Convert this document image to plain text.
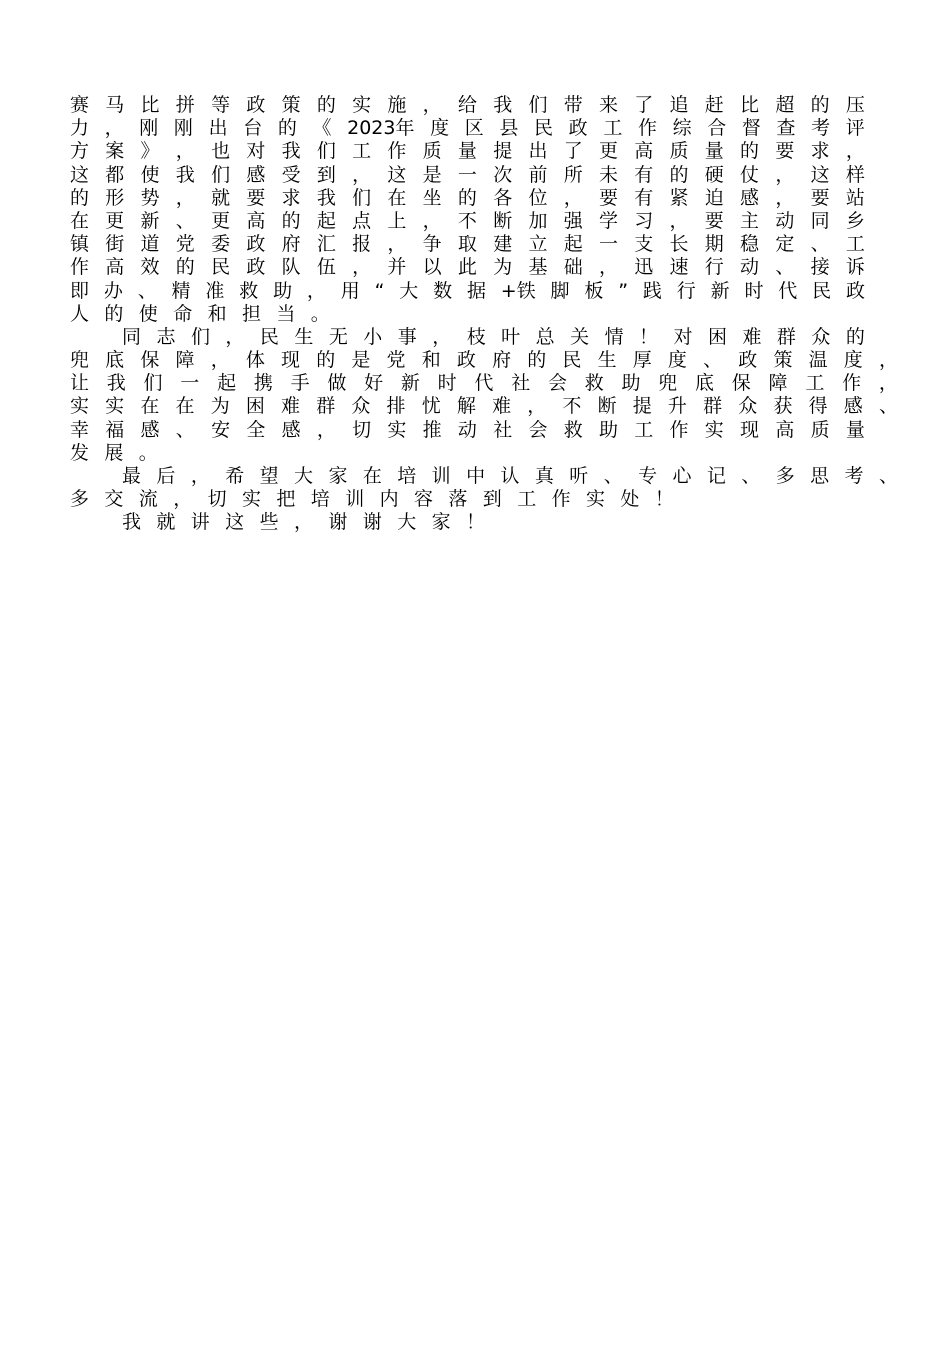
赛 马 比 拼 等 政 策 的 实 施 ， 给 我 们 带 来 了 追 赶 比 超 的 压
力 ， 刚 刚 出 台 的 《 2023年 度 区 县 民 政 工 作 综 合 督 查 考 评
方 案 》 ， 也 对 我 们 工 作 质 量 提 出 了 更 高 质 量 的 要 求 ，
这 都 使 我 们 感 受 到 ， 这 是 一 次 前 所 未 有 的 硬 仗 ， 这 样
的 形 势 ， 就 要 求 我 们 在 坐 的 各 位 ， 要 有 紧 迫 感 ， 要 站
在 更 新 、 更 高 的 起 点 上 ， 不 断 加 强 学 习 ， 要 主 动 同 乡
镇 街 道 党 委 政 府 汇 报 ， 争 取 建 立 起 一 支 长 期 稳 定 、 工
作 高 效 的 民 政 队 伍 ， 并 以 此 为 基 础 ， 迅 速 行 动 、 接 诉
即 办 、 精 准 救 助 ， 用 “ 大 数 据 +铁 脚 板 ” 践 行 新 时 代 民 政
人的使命和担当。
同 志 们 ， 民 生 无 小 事 ， 枝 叶 总 关 情 ！ 对 困 难 群 众 的
兜 底 保 障 ， 体 现 的 是 党 和 政 府 的 民 生 厚 度 、 政 策 温 度 ，
让 我 们 一 起 携 手 做 好 新 时 代 社 会 救 助 兜 底 保 障 工 作 ，
实 实 在 在 为 困 难 群 众 排 忧 解 难 ， 不 断 提 升 群 众 获 得 感 、
幸 福 感 、 安 全 感 ， 切 实 推 动 社 会 救 助 工 作 实 现 高 质 量
发展。
最 后 ， 希 望 大 家 在 培 训 中 认 真 听 、 专 心 记 、 多 思 考 、
多交流，切实把培训内容落到工作实处！
我就讲这些，谢谢大家！
